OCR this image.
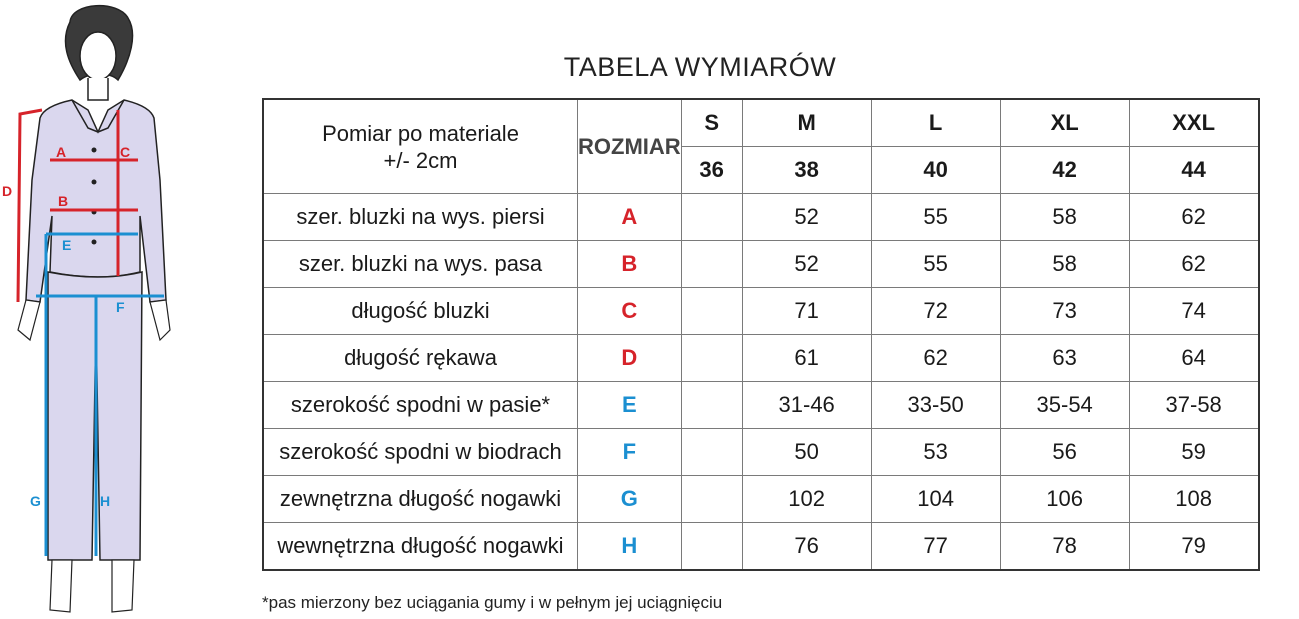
A	C
B
D
E
F
G	H
TABELA WYMIARÓW
Pomiar po materiale
+/- 2cm	ROZMIAR	S	M	L	XL	XXL
		36	38	40	42	44
szer. bluzki na wys. piersi	A		52	55	58	62
szer. bluzki na wys. pasa	B		52	55	58	62
długość bluzki	C		71	72	73	74
długość rękawa	D		61	62	63	64
szerokość spodni w pasie*	E		31-46	33-50	35-54	37-58
szerokość spodni w biodrach	F		50	53	56	59
zewnętrzna długość nogawki	G		102	104	106	108
wewnętrzna długość nogawki	H		76	77	78	79
*pas mierzony bez uciągania gumy i w pełnym jej uciągnięciu
